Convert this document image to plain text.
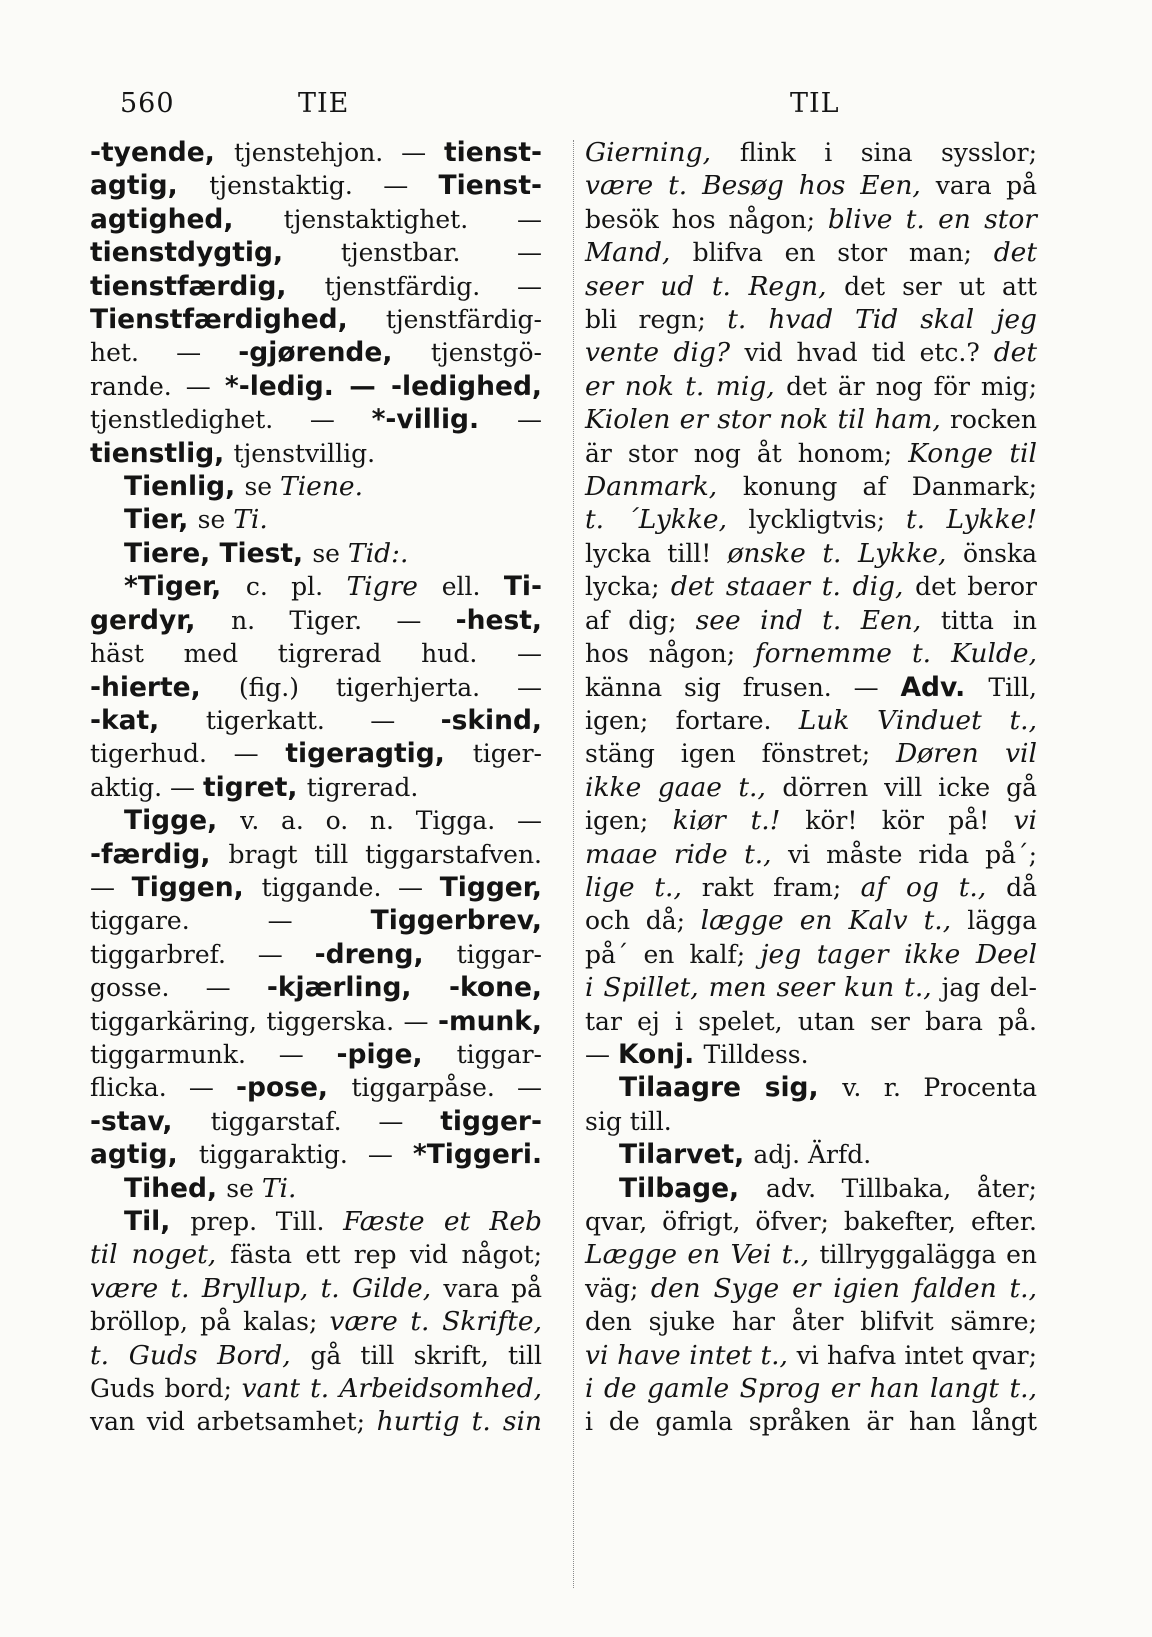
560	TIE	TIL
-tyende, tjenstehjon. — tienst-
agtig, tjenstaktig. — Tienst-
agtighed, tjenstaktighet. —
tienstdygtig, tjenstbar. —
tienstfærdig, tjenstfärdig. —
Tienstfærdighed, tjenstfärdig-
het. — -gjørende, tjenstgö-
rande. — *-ledig. — -ledighed,
tjenstledighet. — *-villig. —
tienstlig, tjenstvillig.
Tienlig, se Tiene.
Tier, se Ti.
Tiere, Tiest, se Tid:.
*Tiger, c. pl. Tigre ell. Ti-
gerdyr, n. Tiger. — -hest,
häst med tigrerad hud. —
-hierte, (fig.) tigerhjerta. —
-kat, tigerkatt. — -skind,
tigerhud. — tigeragtig, tiger-
aktig. — tigret, tigrerad.
Tigge, v. a. o. n. Tigga. —
-færdig, bragt till tiggarstafven.
— Tiggen, tiggande. — Tigger,
tiggare. — Tiggerbrev,
tiggarbref. — -dreng, tiggar-
gosse. — -kjærling, -kone,
tiggarkäring, tiggerska. — -munk,
tiggarmunk. — -pige, tiggar-
flicka. — -pose, tiggarpåse. —
-stav, tiggarstaf. — tigger-
agtig, tiggaraktig. — *Tiggeri.
Tihed, se Ti.
Til, prep. Till. Fæste et Reb
til noget, fästa ett rep vid något;
være t. Bryllup, t. Gilde, vara på
bröllop, på kalas; være t. Skrifte,
t. Guds Bord, gå till skrift, till
Guds bord; vant t. Arbeidsomhed,
van vid arbetsamhet; hurtig t. sin
Gierning, flink i sina sysslor;
være t. Besøg hos Een, vara på
besök hos någon; blive t. en stor
Mand, blifva en stor man; det
seer ud t. Regn, det ser ut att
bli regn; t. hvad Tid skal jeg
vente dig? vid hvad tid etc.? det
er nok t. mig, det är nog för mig;
Kiolen er stor nok til ham, rocken
är stor nog åt honom; Konge til
Danmark, konung af Danmark;
t. ´Lykke, lyckligtvis; t. Lykke!
lycka till! ønske t. Lykke, önska
lycka; det staaer t. dig, det beror
af dig; see ind t. Een, titta in
hos någon; fornemme t. Kulde,
känna sig frusen. — Adv. Till,
igen; fortare. Luk Vinduet t.,
stäng igen fönstret; Døren vil
ikke gaae t., dörren vill icke gå
igen; kiør t.! kör! kör på! vi
maae ride t., vi måste rida på´;
lige t., rakt fram; af og t., då
och då; lægge en Kalv t., lägga
på´ en kalf; jeg tager ikke Deel
i Spillet, men seer kun t., jag del-
tar ej i spelet, utan ser bara på.
— Konj. Tilldess.
Tilaagre sig, v. r. Procenta
sig till.
Tilarvet, adj. Ärfd.
Tilbage, adv. Tillbaka, åter;
qvar, öfrigt, öfver; bakefter, efter.
Lægge en Vei t., tillryggalägga en
väg; den Syge er igien falden t.,
den sjuke har åter blifvit sämre;
vi have intet t., vi hafva intet qvar;
i de gamle Sprog er han langt t.,
i de gamla språken är han långt
